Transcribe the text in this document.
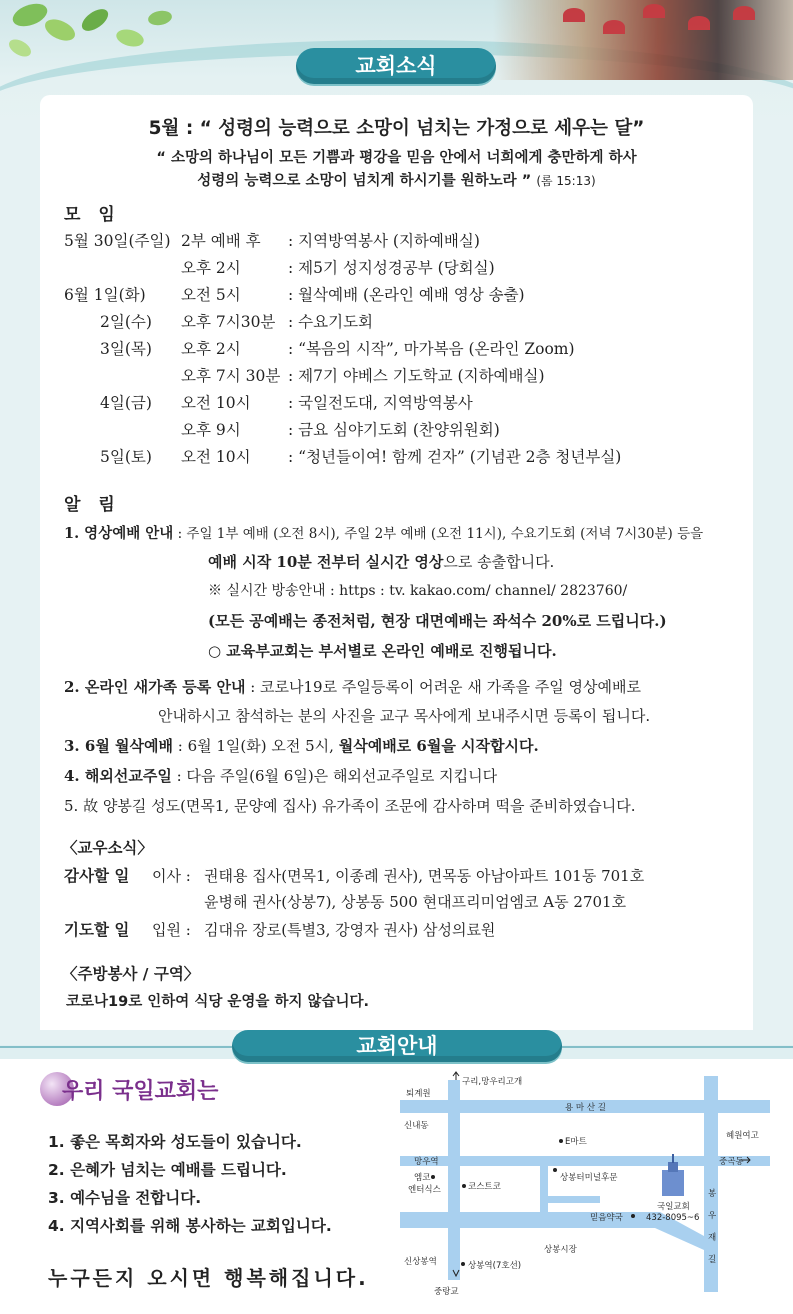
교회소식
5월 : “ 성령의 능력으로 소망이 넘치는 가정으로 세우는 달”
“ 소망의 하나님이 모든 기쁨과 평강을 믿음 안에서 너희에게 충만하게 하사
성령의 능력으로 소망이 넘치게 하시기를 원하노라 ” (롬 15:13)
모 임
5월 30일(주일) 2부 예배 후 : 지역방역봉사 (지하예배실)
오후 2시	: 제5기 성지성경공부 (당회실)
6월 1일(화) 오전 5시	: 월삭예배 (온라인 예배 영상 송출)
2일(수) 오후 7시30분 : 수요기도회
3일(목) 오후 2시	: “복음의 시작”, 마가복음 (온라인 Zoom)
오후 7시 30분 : 제7기 야베스 기도학교 (지하예배실)
4일(금) 오전 10시 : 국일전도대, 지역방역봉사
오후 9시	: 금요 심야기도회 (찬양위원회)
5일(토) 오전 10시 : “청년들이여! 함께 걷자” (기념관 2층 청년부실)
알 림
1. 영상예배 안내 : 주일 1부 예배 (오전 8시), 주일 2부 예배 (오전 11시), 수요기도회 (저녁 7시30분) 등을
예배 시작 10분 전부터 실시간 영상으로 송출합니다.
※ 실시간 방송안내 : https : tv. kakao.com/ channel/ 2823760/
(모든 공예배는 종전처럼, 현장 대면예배는 좌석수 20%로 드립니다.)
○ 교육부교회는 부서별로 온라인 예배로 진행됩니다.
2. 온라인 새가족 등록 안내 : 코로나19로 주일등록이 어려운 새 가족을 주일 영상예배로
안내하시고 참석하는 분의 사진을 교구 목사에게 보내주시면 등록이 됩니다.
3. 6월 월삭예배 : 6월 1일(화) 오전 5시, 월삭예배로 6월을 시작합시다.
4. 해외선교주일 : 다음 주일(6월 6일)은 해외선교주일로 지킵니다
5. 故 양봉길 성도(면목1, 문양예 집사) 유가족이 조문에 감사하며 떡을 준비하였습니다.
〈교우소식〉
감사할 일 이사 : 권태용 집사(면목1, 이종례 권사), 면목동 아남아파트 101동 701호
윤병해 권사(상봉7), 상봉동 500 현대프리미엄엠코 A동 2701호
기도할 일 입원 : 김대유 장로(특별3, 강영자 권사) 삼성의료원
〈주방봉사 / 구역〉
코로나19로 인하여 식당 운영을 하지 않습니다.
교회안내
우리 국일교회는
1. 좋은 목회자와 성도들이 있습니다.
2. 은혜가 넘치는 예배를 드립니다.
3. 예수님을 전합니다.
4. 지역사회를 위해 봉사하는 교회입니다.
누구든지 오시면 행복해집니다.
구리,망우리고개
퇴계원
용 마 산 길
신내동
E마트
혜원여고
망우역	중곡동
엠코
엔터식스	코스트코
상봉터미널후문
국일교회
432-8095~6
봉
우
재
길
믿음약국
상봉시장
신상봉역	상봉역(7호선)
중랑교
